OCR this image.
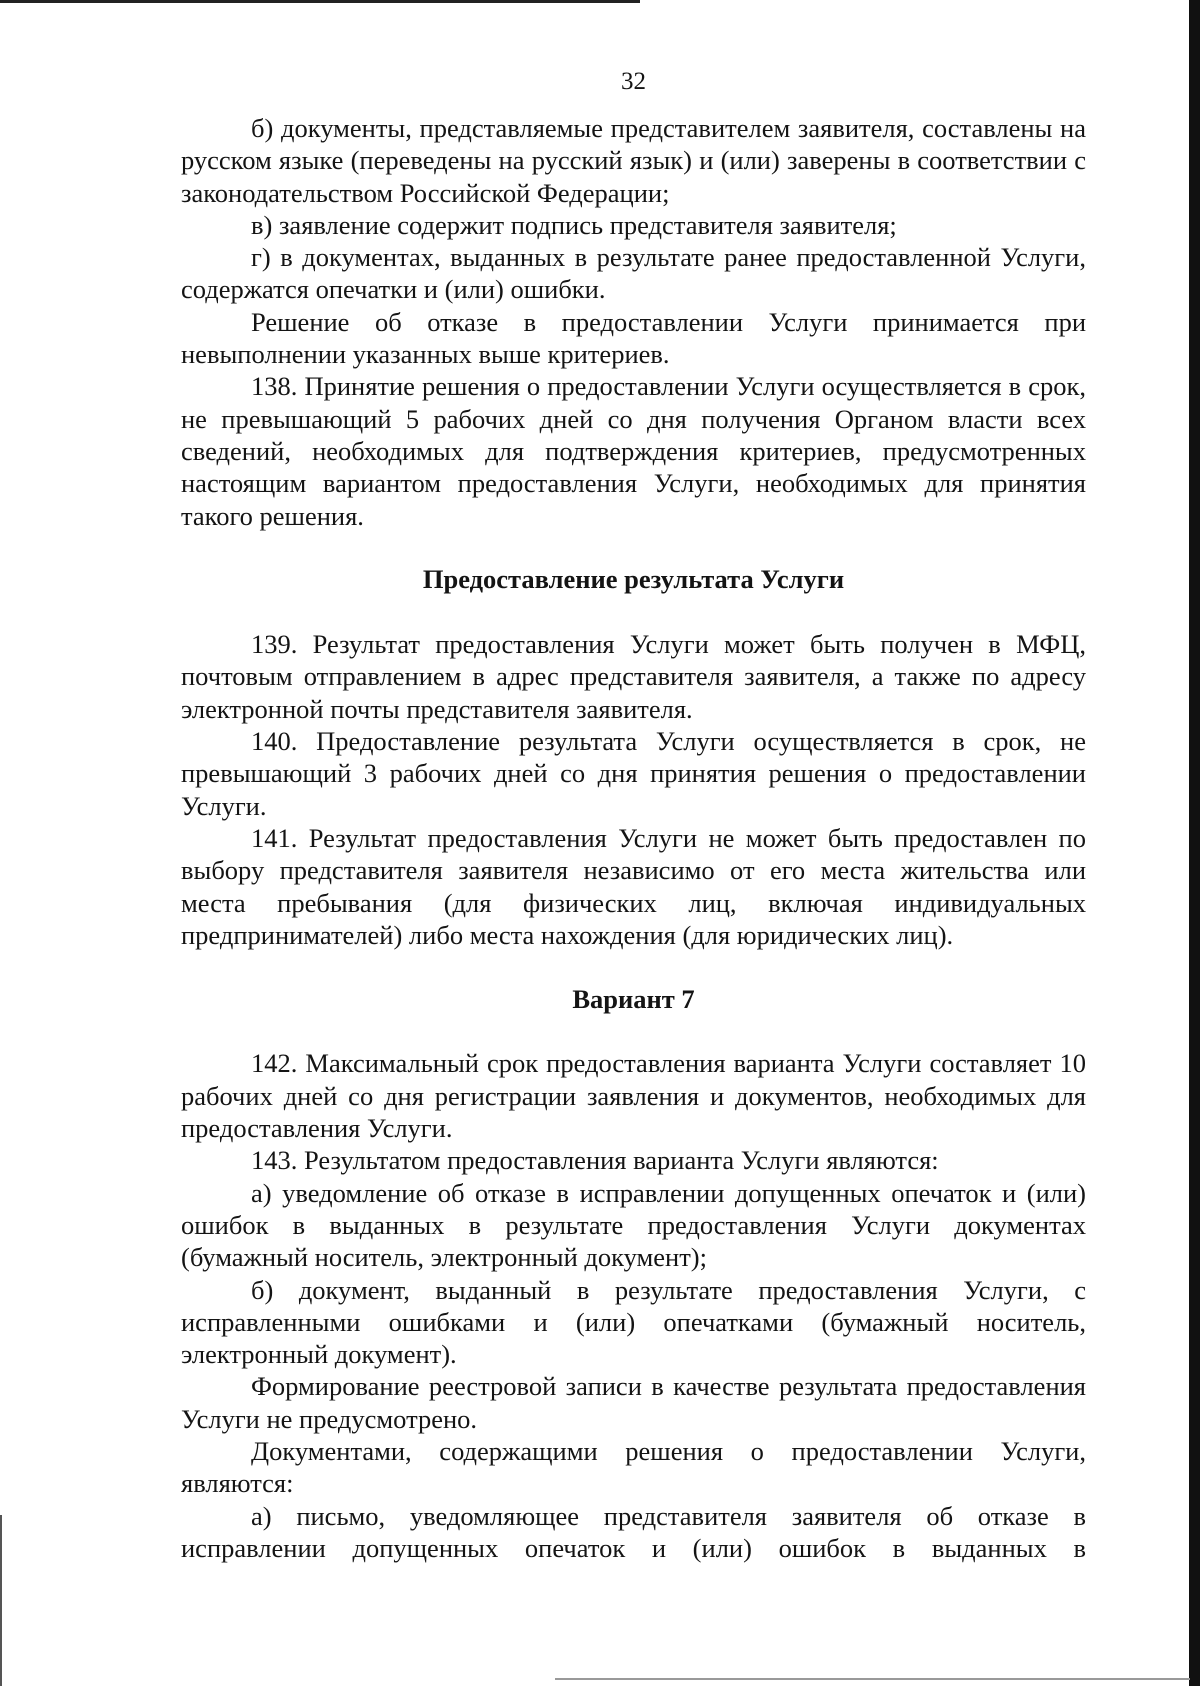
32

б) документы, представляемые представителем заявителя, составлены на русском языке (переведены на русский язык) и (или) заверены в соответствии с законодательством Российской Федерации;

в) заявление содержит подпись представителя заявителя;

г) в документах, выданных в результате ранее предоставленной Услуги, содержатся опечатки и (или) ошибки.

Решение об отказе в предоставлении Услуги принимается при невыполнении указанных выше критериев.

138. Принятие решения о предоставлении Услуги осуществляется в срок, не превышающий 5 рабочих дней со дня получения Органом власти всех сведений, необходимых для подтверждения критериев, предусмотренных настоящим вариантом предоставления Услуги, необходимых для принятия такого решения.

Предоставление результата Услуги

139. Результат предоставления Услуги может быть получен в МФЦ, почтовым отправлением в адрес представителя заявителя, а также по адресу электронной почты представителя заявителя.

140. Предоставление результата Услуги осуществляется в срок, не превышающий 3 рабочих дней со дня принятия решения о предоставлении Услуги.

141. Результат предоставления Услуги не может быть предоставлен по выбору представителя заявителя независимо от его места жительства или места пребывания (для физических лиц, включая индивидуальных предпринимателей) либо места нахождения (для юридических лиц).

Вариант 7

142. Максимальный срок предоставления варианта Услуги составляет 10 рабочих дней со дня регистрации заявления и документов, необходимых для предоставления Услуги.

143. Результатом предоставления варианта Услуги являются:

а) уведомление об отказе в исправлении допущенных опечаток и (или) ошибок в выданных в результате предоставления Услуги документах (бумажный носитель, электронный документ);

б) документ, выданный в результате предоставления Услуги, с исправленными ошибками и (или) опечатками (бумажный носитель, электронный документ).

Формирование реестровой записи в качестве результата предоставления Услуги не предусмотрено.

Документами, содержащими решения о предоставлении Услуги, являются:

а) письмо, уведомляющее представителя заявителя об отказе в исправлении допущенных опечаток и (или) ошибок в выданных в
